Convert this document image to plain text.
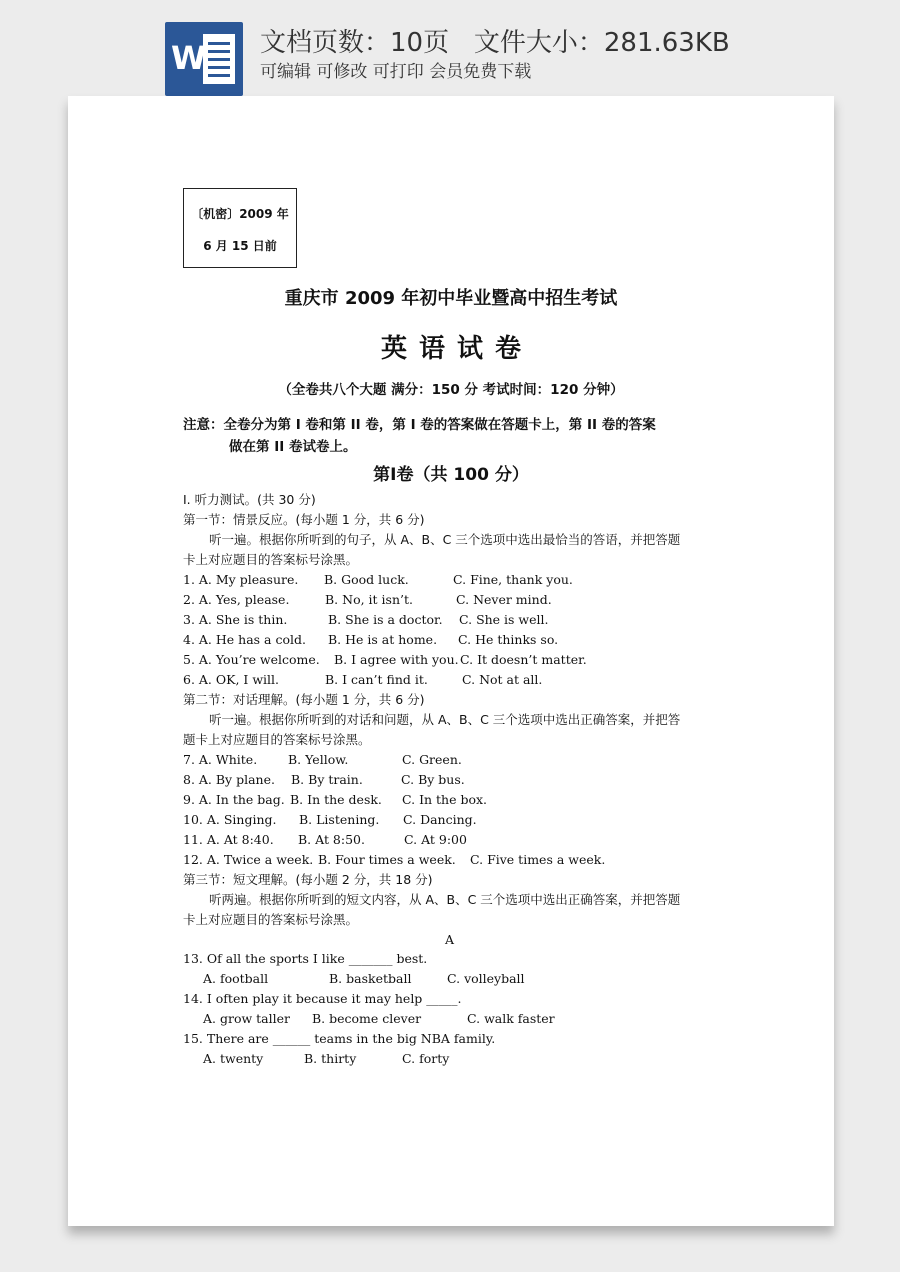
W 文档页数：10页   文件大小：281.63KB
可编辑 可修改 可打印 会员免费下载
〔机密〕2009 年
6 月 15 日前
重庆市 2009 年初中毕业暨高中招生考试
英语试卷
（全卷共八个大题 满分：150 分 考试时间：120 分钟）
注意：全卷分为第 I 卷和第 II 卷，第 I 卷的答案做在答题卡上，第 II 卷的答案
做在第 II 卷试卷上。
第Ⅰ卷（共 100 分）
I. 听力测试。(共 30 分)
第一节：情景反应。(每小题 1 分，共 6 分)
听一遍。根据你所听到的句子，从 A、B、C 三个选项中选出最恰当的答语，并把答题
卡上对应题目的答案标号涂黑。
1. A. My pleasure. B. Good luck.	C. Fine, thank you.
2. A. Yes, please.	B. No, it isn’t.	C. Never mind.
3. A. She is thin.	B. She is a doctor. C. She is well.
4. A. He has a cold. B. He is at home. C. He thinks so.
5. A. You’re welcome. B. I agree with you. C. It doesn’t matter.
6. A. OK, I will.	B. I can’t find it.	C. Not at all.
第二节：对话理解。(每小题 1 分，共 6 分)
听一遍。根据你所听到的对话和问题，从 A、B、C 三个选项中选出正确答案，并把答
题卡上对应题目的答案标号涂黑。
7. A. White. B. Yellow.	C. Green.
8. A. By plane. B. By train.	C. By bus.
9. A. In the bag. B. In the desk. C. In the box.
10. A. Singing. B. Listening. C. Dancing.
11. A. At 8:40. B. At 8:50.	C. At 9:00
12. A. Twice a week. B. Four times a week. C. Five times a week.
第三节：短文理解。(每小题 2 分，共 18 分)
听两遍。根据你所听到的短文内容，从 A、B、C 三个选项中选出正确答案，并把答题
卡上对应题目的答案标号涂黑。
A
13. Of all the sports I like _______ best.
A. football	B. basketball	C. volleyball
14. I often play it because it may help _____.
A. grow taller B. become clever	C. walk faster
15. There are ______ teams in the big NBA family.
A. twenty	B. thirty	C. forty
